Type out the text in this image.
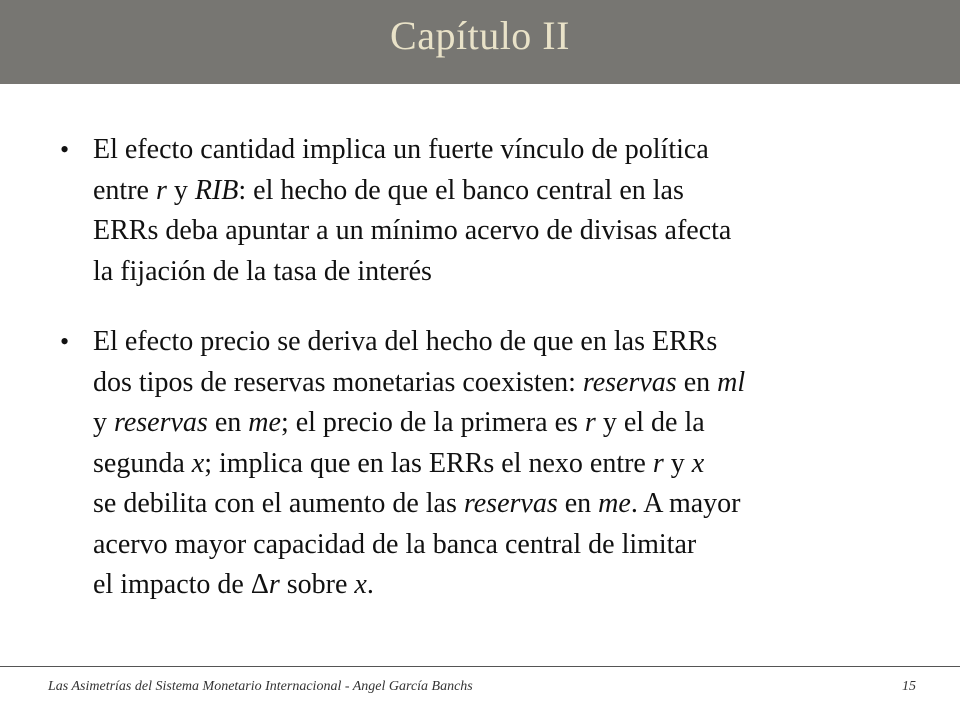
Capítulo II
• El efecto cantidad implica un fuerte vínculo de política
entre r y RIB: el hecho de que el banco central en las
ERRs deba apuntar a un mínimo acervo de divisas afecta
la fijación de la tasa de interés
• El efecto precio se deriva del hecho de que en las ERRs
dos tipos de reservas monetarias coexisten: reservas en ml
y reservas en me; el precio de la primera es r y el de la
segunda x; implica que en las ERRs el nexo entre r y x
se debilita con el aumento de las reservas en me. A mayor
acervo mayor capacidad de la banca central de limitar
el impacto de Δr sobre x.
Las Asimetrías del Sistema Monetario Internacional - Angel García Banchs	15
